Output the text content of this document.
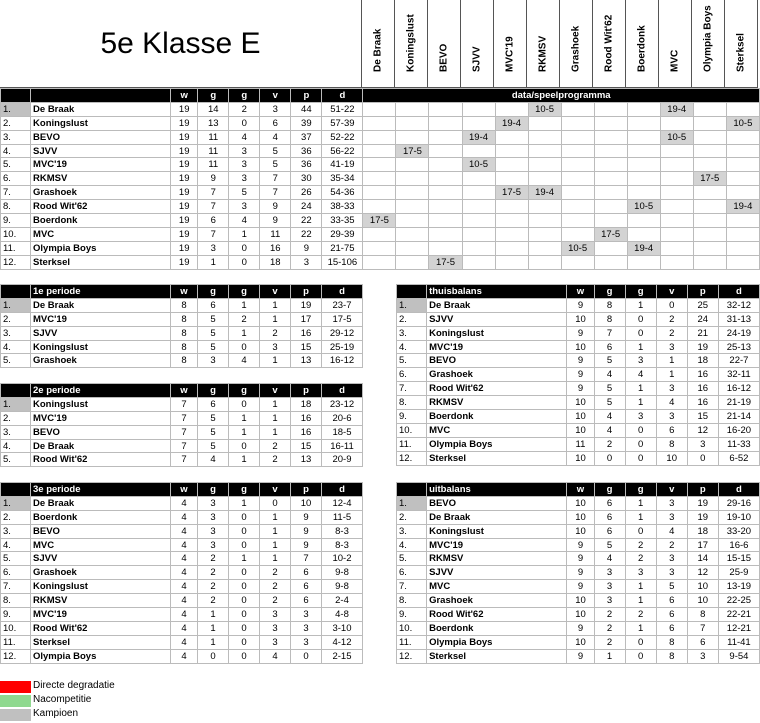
5e Klasse E	De Braak Koningslust BEVO SJVV MVC'19 RKMSV Grashoek Rood Wit'62 Boerdonk MVC Olympia Boys Sterksel
		w	g	g	v	p	d	data/speelprogramma											
1.	De Braak	19	14	2	3	44	51-22						10-5				19-4		
2.	Koningslust	19	13	0	6	39	57-39					19-4							10-5
3.	BEVO	19	11	4	4	37	52-22				19-4						10-5		
4.	SJVV	19	11	3	5	36	56-22		17-5										
5.	MVC'19	19	11	3	5	36	41-19				10-5								
6.	RKMSV	19	9	3	7	30	35-34											17-5	
7.	Grashoek	19	7	5	7	26	54-36					17-5	19-4						
8.	Rood Wit'62	19	7	3	9	24	38-33									10-5			19-4
9.	Boerdonk	19	6	4	9	22	33-35	17-5											
10.	MVC	19	7	1	11	22	29-39								17-5				
11.	Olympia Boys	19	3	0	16	9	21-75							10-5		19-4			
12.	Sterksel	19	1	0	18	3	15-106			17-5									
	1e periode	w	g	g	v	p	d
1.	De Braak	8	6	1	1	19	23-7
2.	MVC'19	8	5	2	1	17	17-5
3.	SJVV	8	5	1	2	16	29-12
4.	Koningslust	8	5	0	3	15	25-19
5.	Grashoek	8	3	4	1	13	16-12
	2e periode	w	g	g	v	p	d
1.	Koningslust	7	6	0	1	18	23-12
2.	MVC'19	7	5	1	1	16	20-6
3.	BEVO	7	5	1	1	16	18-5
4.	De Braak	7	5	0	2	15	16-11
5.	Rood Wit'62	7	4	1	2	13	20-9
	3e periode	w	g	g	v	p	d
1.	De Braak	4	3	1	0	10	12-4
2.	Boerdonk	4	3	0	1	9	11-5
3.	BEVO	4	3	0	1	9	8-3
4.	MVC	4	3	0	1	9	8-3
5.	SJVV	4	2	1	1	7	10-2
6.	Grashoek	4	2	0	2	6	9-8
7.	Koningslust	4	2	0	2	6	9-8
8.	RKMSV	4	2	0	2	6	2-4
9.	MVC'19	4	1	0	3	3	4-8
10.	Rood Wit'62	4	1	0	3	3	3-10
11.	Sterksel	4	1	0	3	3	4-12
12.	Olympia Boys	4	0	0	4	0	2-15
	thuisbalans	w	g	g	v	p	d
1.	De Braak	9	8	1	0	25	32-12
2.	SJVV	10	8	0	2	24	31-13
3.	Koningslust	9	7	0	2	21	24-19
4.	MVC'19	10	6	1	3	19	25-13
5.	BEVO	9	5	3	1	18	22-7
6.	Grashoek	9	4	4	1	16	32-11
7.	Rood Wit'62	9	5	1	3	16	16-12
8.	RKMSV	10	5	1	4	16	21-19
9.	Boerdonk	10	4	3	3	15	21-14
10.	MVC	10	4	0	6	12	16-20
11.	Olympia Boys	11	2	0	8	3	11-33
12.	Sterksel	10	0	0	10	0	6-52
	uitbalans	w	g	g	v	p	d
1.	BEVO	10	6	1	3	19	29-16
2.	De Braak	10	6	1	3	19	19-10
3.	Koningslust	10	6	0	4	18	33-20
4.	MVC'19	9	5	2	2	17	16-6
5.	RKMSV	9	4	2	3	14	15-15
6.	SJVV	9	3	3	3	12	25-9
7.	MVC	9	3	1	5	10	13-19
8.	Grashoek	10	3	1	6	10	22-25
9.	Rood Wit'62	10	2	2	6	8	22-21
10.	Boerdonk	9	2	1	6	7	12-21
11.	Olympia Boys	10	2	0	8	6	11-41
12.	Sterksel	9	1	0	8	3	9-54
Directe degradatie
Nacompetitie
Kampioen
